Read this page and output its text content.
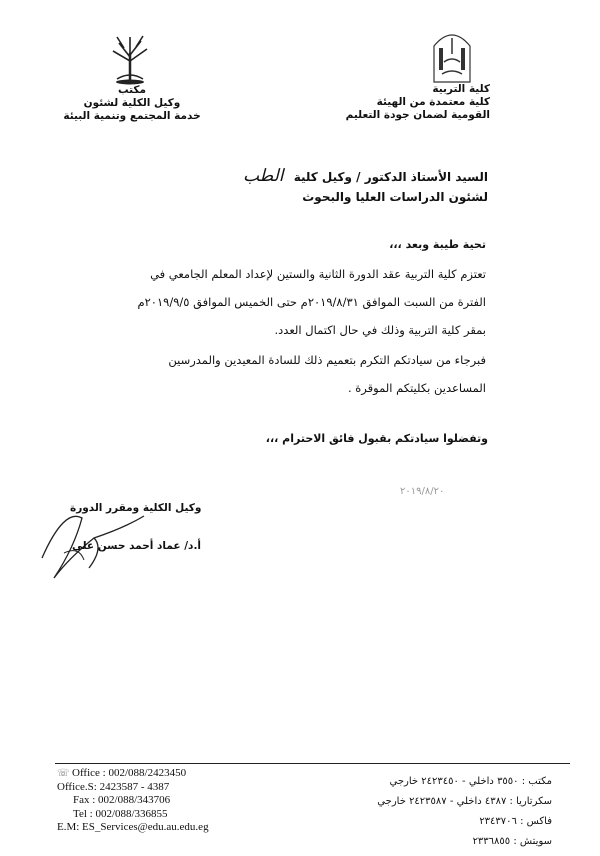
كلية التربية
كلية معتمدة من الهيئة
القومية لضمان جودة التعليم
مكتب
وكيل الكلية لشئون
خدمة المجتمع وتنمية البيئة
السيد الأستاذ الدكتور / وكيل كلية الطب
لشئون الدراسات العليا والبحوث
تحية طيبة وبعد ،،،
تعتزم كلية التربية عقد الدورة الثانية والستين لإعداد المعلم الجامعي في
الفترة من السبت الموافق ٢٠١٩/٨/٣١م حتى الخميس الموافق ٢٠١٩/٩/٥م
بمقر كلية التربية وذلك في حال اكتمال العدد.
فبرجاء من سيادتكم التكرم بتعميم ذلك للسادة المعيدين والمدرسين
المساعدين بكليتكم الموقرة .
وتفضلوا سيادتكم بقبول فائق الاحترام ،،،
٢٠١٩/٨/٢٠
وكيل الكلية ومقرر الدورة
أ.د/ عماد أحمد حسن علي
☏ Office : 002/088/2423450
Office.S: 2423587 - 4387
Fax : 002/088/343706
Tel : 002/088/336855
E.M: ES_Services@edu.au.edu.eg
مكتب : ٣٥٥٠ داخلي - ٢٤٢٣٤٥٠ خارجي
سكرتاريا : ٤٣٨٧ داخلي - ٢٤٢٣٥٨٧ خارجي
فاكس : ٢٣٤٣٧٠٦
سويتش : ٢٣٣٦٨٥٥
